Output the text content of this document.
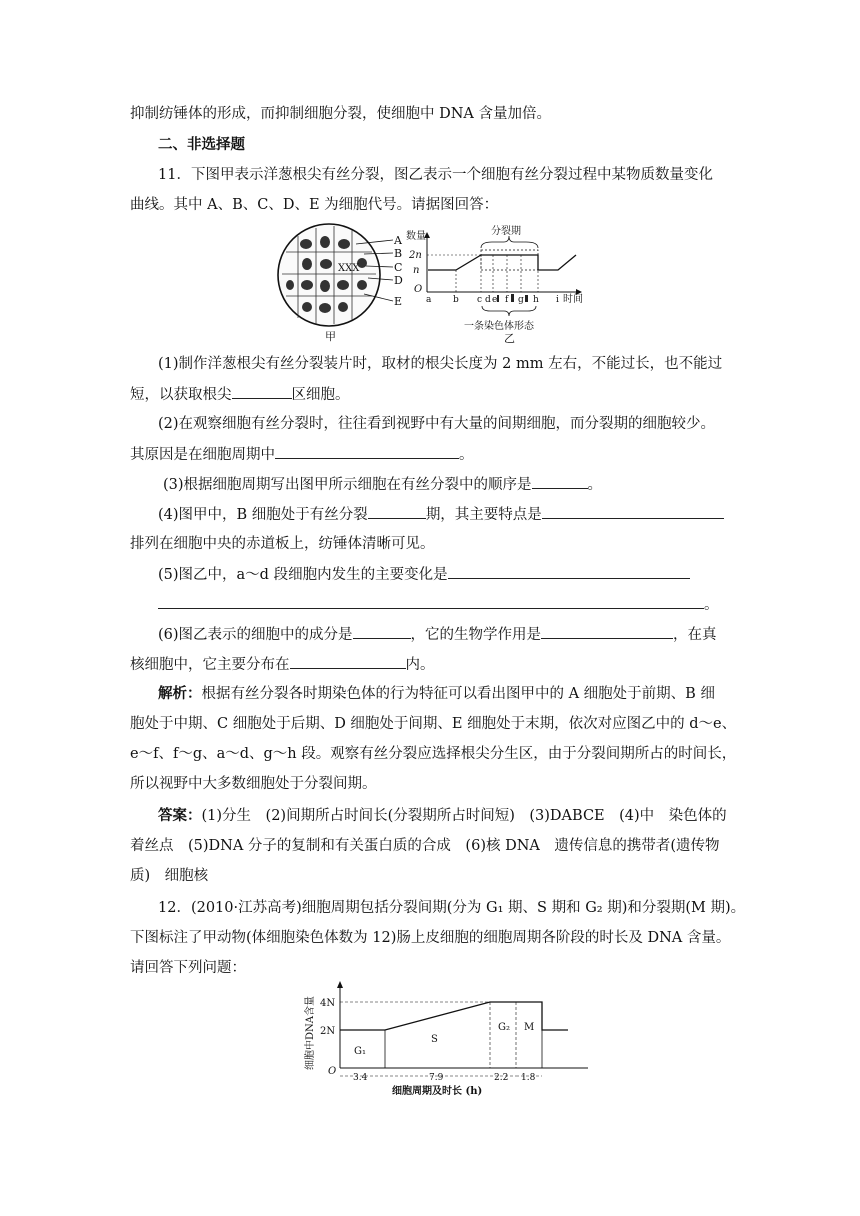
抑制纺锤体的形成，而抑制细胞分裂，使细胞中 DNA 含量加倍。
二、非选择题
11．下图甲表示洋葱根尖有丝分裂，图乙表示一个细胞有丝分裂过程中某物质数量变化
曲线。其中 A、B、C、D、E 为细胞代号。请据图回答：
XXX
A
B
C
D
E
甲
数量
2n
n
O
分裂期
a b c d e f g h i 时间
一条染色体形态
乙
(1)制作洋葱根尖有丝分裂装片时，取材的根尖长度为 2 mm 左右，不能过长，也不能过
短，以获取根尖	区细胞。
(2)在观察细胞有丝分裂时，往往看到视野中有大量的间期细胞，而分裂期的细胞较少。
其原因是在细胞周期中	。
(3)根据细胞周期写出图甲所示细胞在有丝分裂中的顺序是	。
(4)图甲中，B 细胞处于有丝分裂	期，其主要特点是
排列在细胞中央的赤道板上，纺锤体清晰可见。
(5)图乙中，a～d 段细胞内发生的主要变化是
。
(6)图乙表示的细胞中的成分是	，它的生物学作用是	，在真
核细胞中，它主要分布在	内。
解析：根据有丝分裂各时期染色体的行为特征可以看出图甲中的 A 细胞处于前期、B 细
胞处于中期、C 细胞处于后期、D 细胞处于间期、E 细胞处于末期，依次对应图乙中的 d～e、
e～f、f～g、a～d、g～h 段。观察有丝分裂应选择根尖分生区，由于分裂间期所占的时间长，
所以视野中大多数细胞处于分裂间期。
答案：(1)分生　(2)间期所占时间长(分裂期所占时间短)　(3)DABCE　(4)中　染色体的
着丝点　(5)DNA 分子的复制和有关蛋白质的合成　(6)核 DNA　遗传信息的携带者(遗传物
质)　细胞核
12．(2010·江苏高考)细胞周期包括分裂间期(分为 G₁ 期、S 期和 G₂ 期)和分裂期(M 期)。
下图标注了甲动物(体细胞染色体数为 12)肠上皮细胞的细胞周期各阶段的时长及 DNA 含量。
请回答下列问题：
细胞中DNA含量 4N
2N
O
G₁
S
G₂ M
3.4	7.9	2.2 1.8
细胞周期及时长 (h)
